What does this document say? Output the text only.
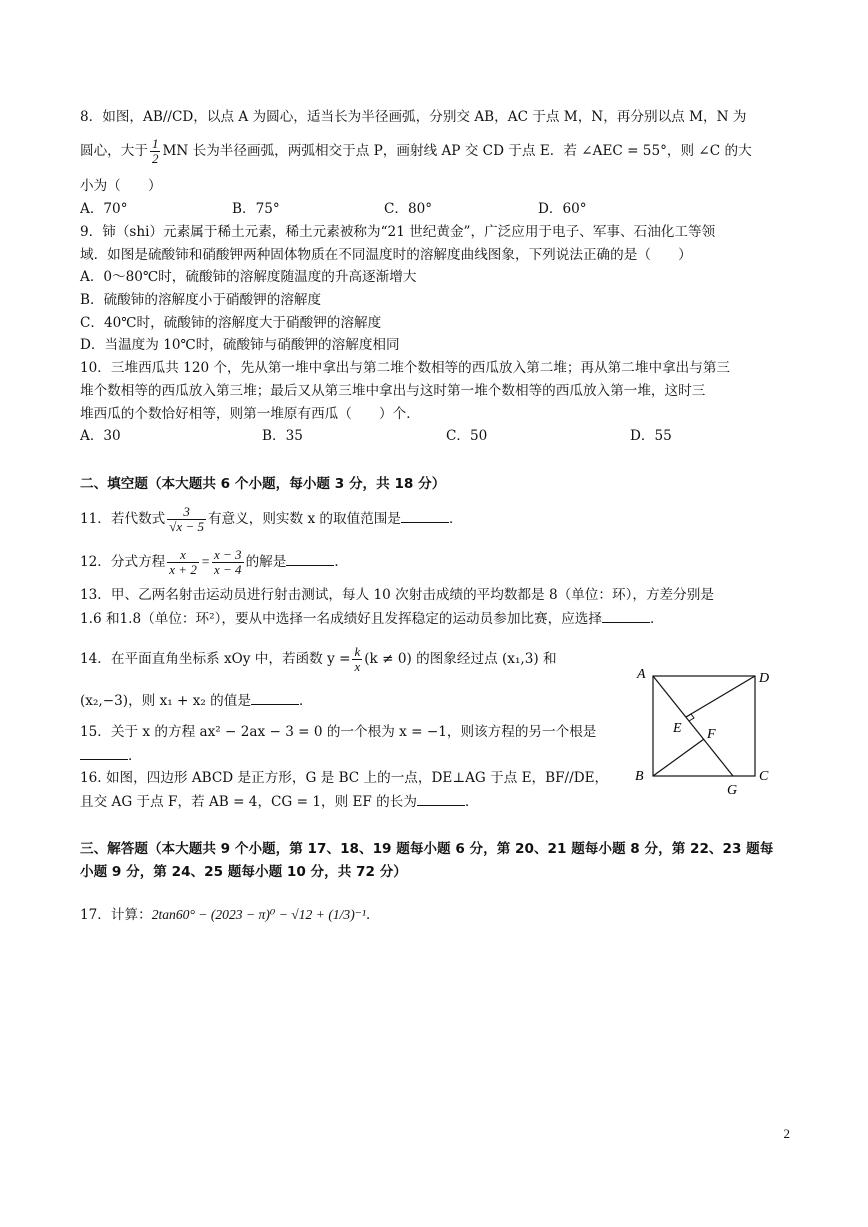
8．如图，AB//CD，以点 A 为圆心，适当长为半径画弧，分别交 AB，AC 于点 M，N，再分别以点 M，N 为
圆心，大于 $\frac{1}{2}$ MN 长为半径画弧，两弧相交于点 P，画射线 AP 交 CD 于点 E．若 ∠AEC = 55°，则 ∠C 的大
小为（　　）
A．70°	B．75°	C．80°	D．60°
9．铈（shi）元素属于稀土元素，稀土元素被称为“21 世纪黄金”，广泛应用于电子、军事、石油化工等领
域．如图是硫酸铈和硝酸钾两种固体物质在不同温度时的溶解度曲线图象，下列说法正确的是（　　）
A．0～80℃时，硫酸铈的溶解度随温度的升高逐渐增大
B．硫酸铈的溶解度小于硝酸钾的溶解度
C．40℃时，硫酸铈的溶解度大于硝酸钾的溶解度
D．当温度为 10℃时，硫酸铈与硝酸钾的溶解度相同
10．三堆西瓜共 120 个，先从第一堆中拿出与第二堆个数相等的西瓜放入第二堆；再从第二堆中拿出与第三
堆个数相等的西瓜放入第三堆；最后又从第三堆中拿出与这时第一堆个数相等的西瓜放入第一堆，这时三
堆西瓜的个数恰好相等，则第一堆原有西瓜（　　）个．
A．30	B．35	C．50	D．55
二、填空题（本大题共 6 个小题，每小题 3 分，共 18 分）
11．若代数式 $\frac{3}{√x - 5}$ 有意义，则实数 x 的取值范围是	．
12．分式方程 $\frac{x}{x + 2} = \frac{x - 3}{x - 4}$ 的解是	．
13．甲、乙两名射击运动员进行射击测试，每人 10 次射击成绩的平均数都是 8（单位：环），方差分别是
1.6 和1.8（单位：环²），要从中选择一名成绩好且发挥稳定的运动员参加比赛，应选择	．
14．在平面直角坐标系 xOy 中，若函数 $y = \frac{k}{x} (k \ne 0)$ 的图象经过点 (x₁,3) 和
(x₂,−3)，则 x₁ + x₂ 的值是	．
15．关于 x 的方程 ax² − 2ax − 3 = 0 的一个根为 x = −1，则该方程的另一个根是
．
16. 如图，四边形 ABCD 是正方形，G 是 BC 上的一点，DE⊥AG 于点 E，BF//DE，
且交 AG 于点 F，若 AB = 4，CG = 1，则 EF 的长为	．
A	D
E F
B	C
G
三、解答题（本大题共 9 个小题，第 17、18、19 题每小题 6 分，第 20、21 题每小题 8 分，第 22、23 题每
小题 9 分，第 24、25 题每小题 10 分，共 72 分）
17．计算：2tan60° − (2023 − π)⁰ − √12 + (1/3)⁻¹．
2
